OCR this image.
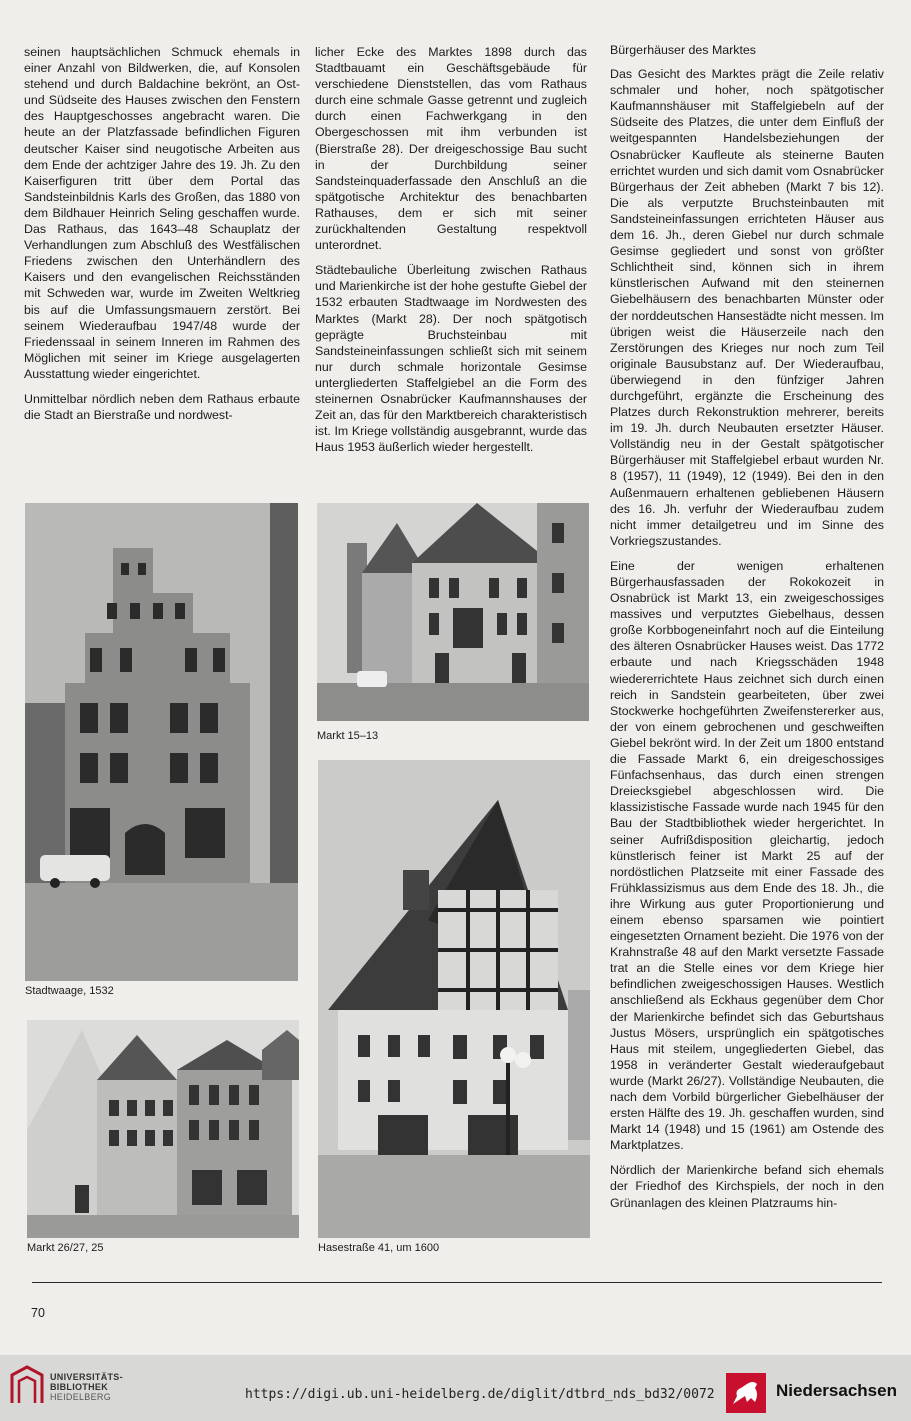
seinen hauptsächlichen Schmuck ehemals in einer Anzahl von Bildwerken, die, auf Konsolen stehend und durch Baldachine bekrönt, an Ost- und Südseite des Hauses zwischen den Fenstern des Hauptgeschosses angebracht waren. Die heute an der Platzfassade befindlichen Figuren deutscher Kaiser sind neugotische Arbeiten aus dem Ende der achtziger Jahre des 19. Jh. Zu den Kaiserfiguren tritt über dem Portal das Sandsteinbildnis Karls des Großen, das 1880 von dem Bildhauer Heinrich Seling geschaffen wurde. Das Rathaus, das 1643–48 Schauplatz der Verhandlungen zum Abschluß des Westfälischen Friedens zwischen den Unterhändlern des Kaisers und den evangelischen Reichsständen mit Schweden war, wurde im Zweiten Weltkrieg bis auf die Umfassungsmauern zerstört. Bei seinem Wiederaufbau 1947/48 wurde der Friedenssaal in seinem Inneren im Rahmen des Möglichen mit seiner im Kriege ausgelagerten Ausstattung wieder eingerichtet.

Unmittelbar nördlich neben dem Rathaus erbaute die Stadt an Bierstraße und nordwest-

licher Ecke des Marktes 1898 durch das Stadtbauamt ein Geschäftsgebäude für verschiedene Dienststellen, das vom Rathaus durch eine schmale Gasse getrennt und zugleich durch einen Fachwerkgang in den Obergeschossen mit ihm verbunden ist (Bierstraße 28). Der dreigeschossige Bau sucht in der Durchbildung seiner Sandsteinquaderfassade den Anschluß an die spätgotische Architektur des benachbarten Rathauses, dem er sich mit seiner zurückhaltenden Gestaltung respektvoll unterordnet.

Städtebauliche Überleitung zwischen Rathaus und Marienkirche ist der hohe gestufte Giebel der 1532 erbauten Stadtwaage im Nordwesten des Marktes (Markt 28). Der noch spätgotisch geprägte Bruchsteinbau mit Sandsteineinfassungen schließt sich mit seinem nur durch schmale horizontale Gesimse untergliederten Staffelgiebel an die Form des steinernen Osnabrücker Kaufmannshauses der Zeit an, das für den Marktbereich charakteristisch ist. Im Kriege vollständig ausgebrannt, wurde das Haus 1953 äußerlich wieder hergestellt.

Bürgerhäuser des Marktes

Das Gesicht des Marktes prägt die Zeile relativ schmaler und hoher, noch spätgotischer Kaufmannshäuser mit Staffelgiebeln auf der Südseite des Platzes, die unter dem Einfluß der weitgespannten Handelsbeziehungen der Osnabrücker Kaufleute als steinerne Bauten errichtet wurden und sich damit vom Osnabrücker Bürgerhaus der Zeit abheben (Markt 7 bis 12). Die als verputzte Bruchsteinbauten mit Sandsteineinfassungen errichteten Häuser aus dem 16. Jh., deren Giebel nur durch schmale Gesimse gegliedert und sonst von größter Schlichtheit sind, können sich in ihrem künstlerischen Aufwand mit den steinernen Giebelhäusern des benachbarten Münster oder der norddeutschen Hansestädte nicht messen. Im übrigen weist die Häuserzeile nach den Zerstörungen des Krieges nur noch zum Teil originale Bausubstanz auf. Der Wiederaufbau, überwiegend in den fünfziger Jahren durchgeführt, ergänzte die Erscheinung des Platzes durch Rekonstruktion mehrerer, bereits im 19. Jh. durch Neubauten ersetzter Häuser. Vollständig neu in der Gestalt spätgotischer Bürgerhäuser mit Staffelgiebel erbaut wurden Nr. 8 (1957), 11 (1949), 12 (1949). Bei den in den Außenmauern erhaltenen gebliebenen Häusern des 16. Jh. verfuhr der Wiederaufbau zudem nicht immer detailgetreu und im Sinne des Vorkriegszustandes.

Eine der wenigen erhaltenen Bürgerhausfassaden der Rokokozeit in Osnabrück ist Markt 13, ein zweigeschossiges massives und verputztes Giebelhaus, dessen große Korbbogeneinfahrt noch auf die Einteilung des älteren Osnabrücker Hauses weist. Das 1772 erbaute und nach Kriegsschäden 1948 wiedererrichtete Haus zeichnet sich durch einen reich in Sandstein gearbeiteten, über zwei Stockwerke hochgeführten Zweifenstererker aus, der von einem gebrochenen und geschweiften Giebel bekrönt wird. In der Zeit um 1800 entstand die Fassade Markt 6, ein dreigeschossiges Fünfachsenhaus, das durch einen strengen Dreiecksgiebel abgeschlossen wird. Die klassizistische Fassade wurde nach 1945 für den Bau der Stadtbibliothek wieder hergerichtet. In seiner Aufrißdisposition gleichartig, jedoch künstlerisch feiner ist Markt 25 auf der nordöstlichen Platzseite mit einer Fassade des Frühklassizismus aus dem Ende des 18. Jh., die ihre Wirkung aus guter Proportionierung und einem ebenso sparsamen wie pointiert eingesetzten Ornament bezieht. Die 1976 von der Krahnstraße 48 auf den Markt versetzte Fassade trat an die Stelle eines vor dem Kriege hier befindlichen zweigeschossigen Hauses. Westlich anschließend als Eckhaus gegenüber dem Chor der Marienkirche befindet sich das Geburtshaus Justus Mösers, ursprünglich ein spätgotisches Haus mit steilem, ungegliederten Giebel, das 1958 in veränderter Gestalt wiederaufgebaut wurde (Markt 26/27). Vollständige Neubauten, die nach dem Vorbild bürgerlicher Giebelhäuser der ersten Hälfte des 19. Jh. geschaffen wurden, sind Markt 14 (1948) und 15 (1961) am Ostende des Marktplatzes.

Nördlich der Marienkirche befand sich ehemals der Friedhof des Kirchspiels, der noch in den Grünanlagen des kleinen Platzraums hin-

Stadtwaage, 1532
Markt 15–13
Markt 26/27, 25	Hasestraße 41, um 1600
70
UNIVERSITÄTS-
BIBLIOTHEK
HEIDELBERG	https://digi.ub.uni-heidelberg.de/diglit/dtbrd_nds_bd32/0072	Niedersachsen
